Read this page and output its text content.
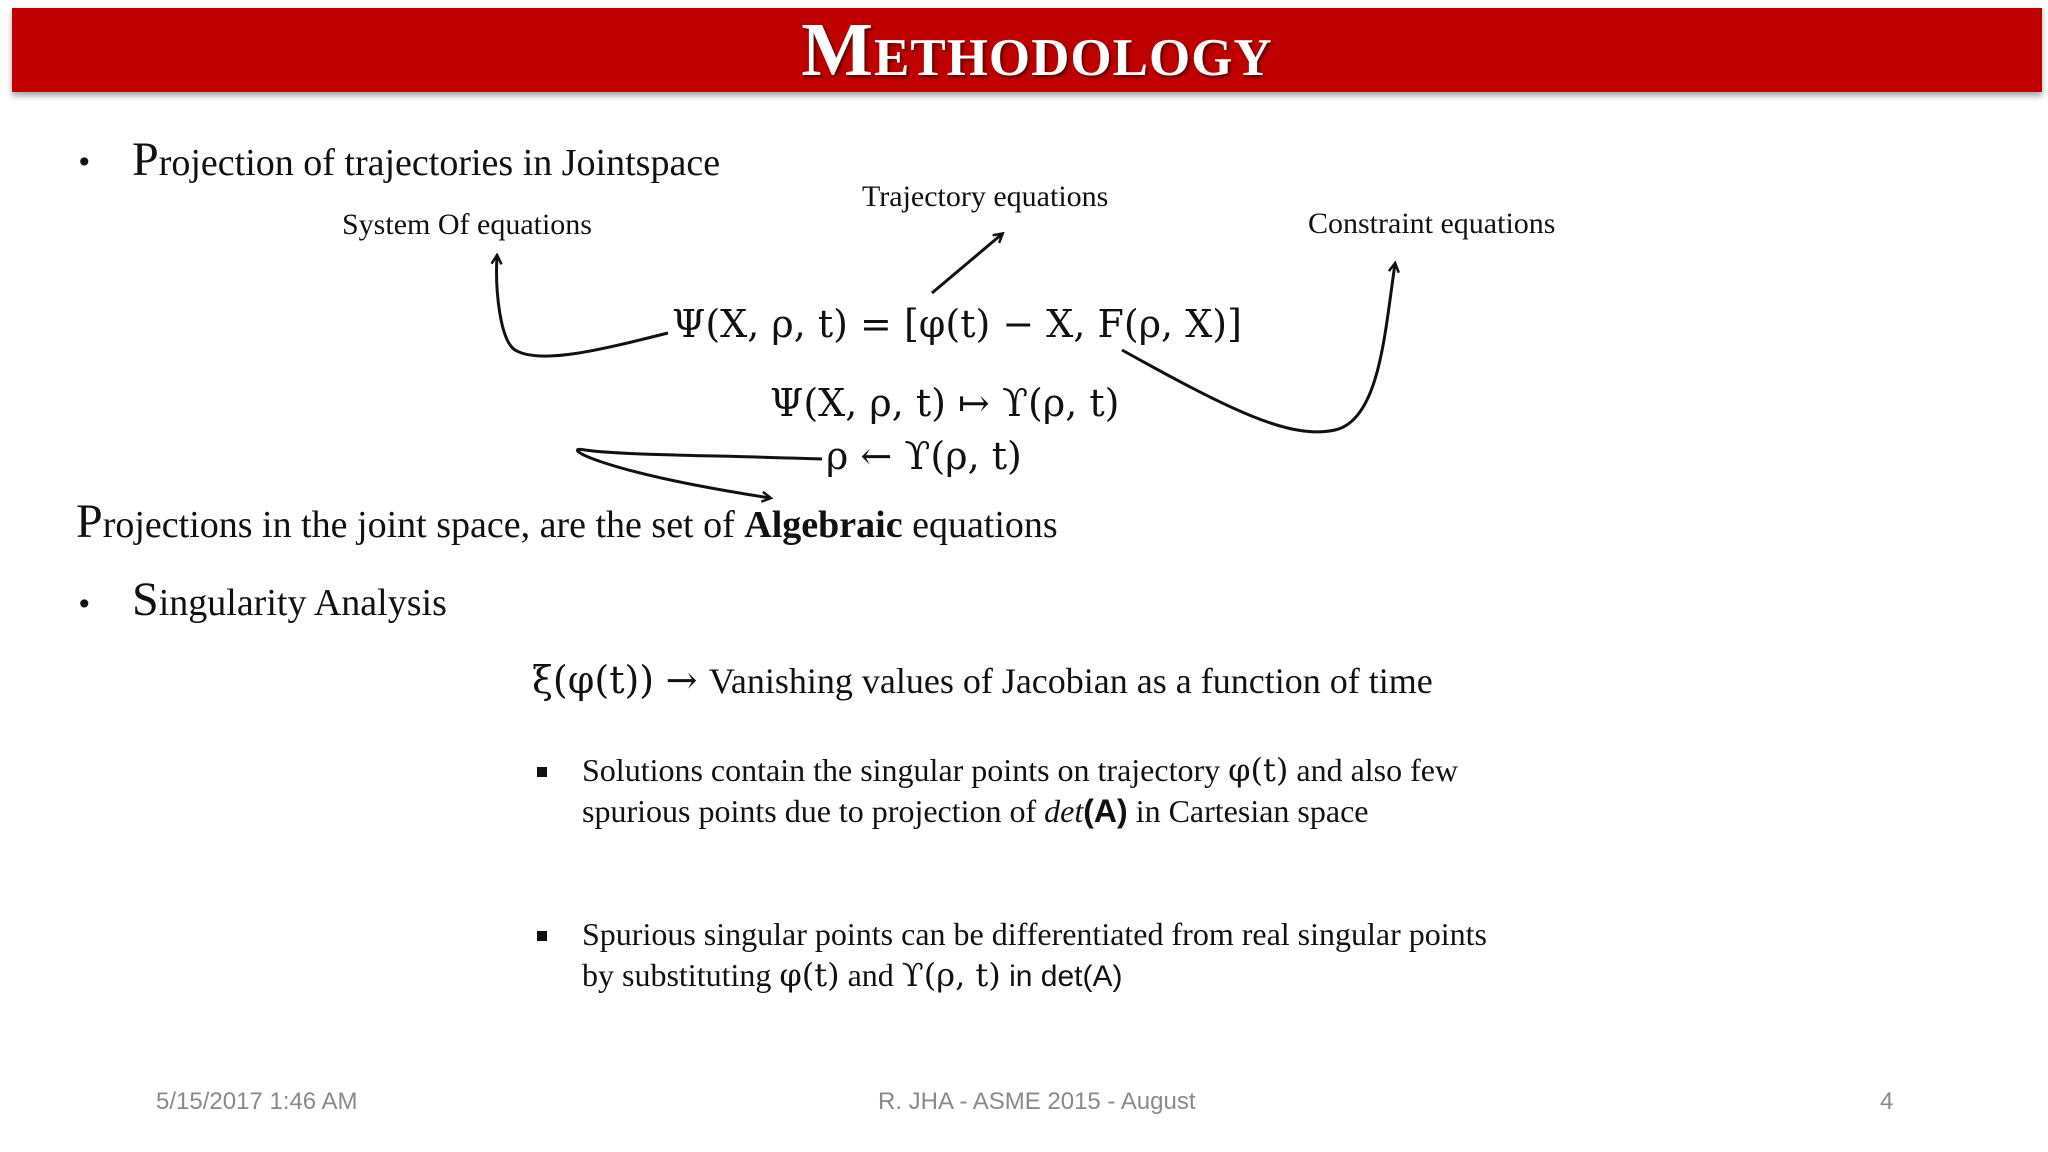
Methodology
• Projection of trajectories in Jointspace
System Of equations
Trajectory equations
Constraint equations
Ψ(X, ρ, t) = [φ(t) − X, F(ρ, X)]
Ψ(X, ρ, t) ↦ ϒ(ρ, t)
ρ ← ϒ(ρ, t)
Projections in the joint space, are the set of Algebraic equations
• Singularity Analysis
ξ(φ(t)) → Vanishing values of Jacobian as a function of time
Solutions contain the singular points on trajectory φ(t) and also few spurious points due to projection of det(A) in Cartesian space
Spurious singular points can be differentiated from real singular points by substituting φ(t) and ϒ(ρ, t) in det(A)
5/15/2017 1:46 AM	R. JHA - ASME 2015 - August	4
